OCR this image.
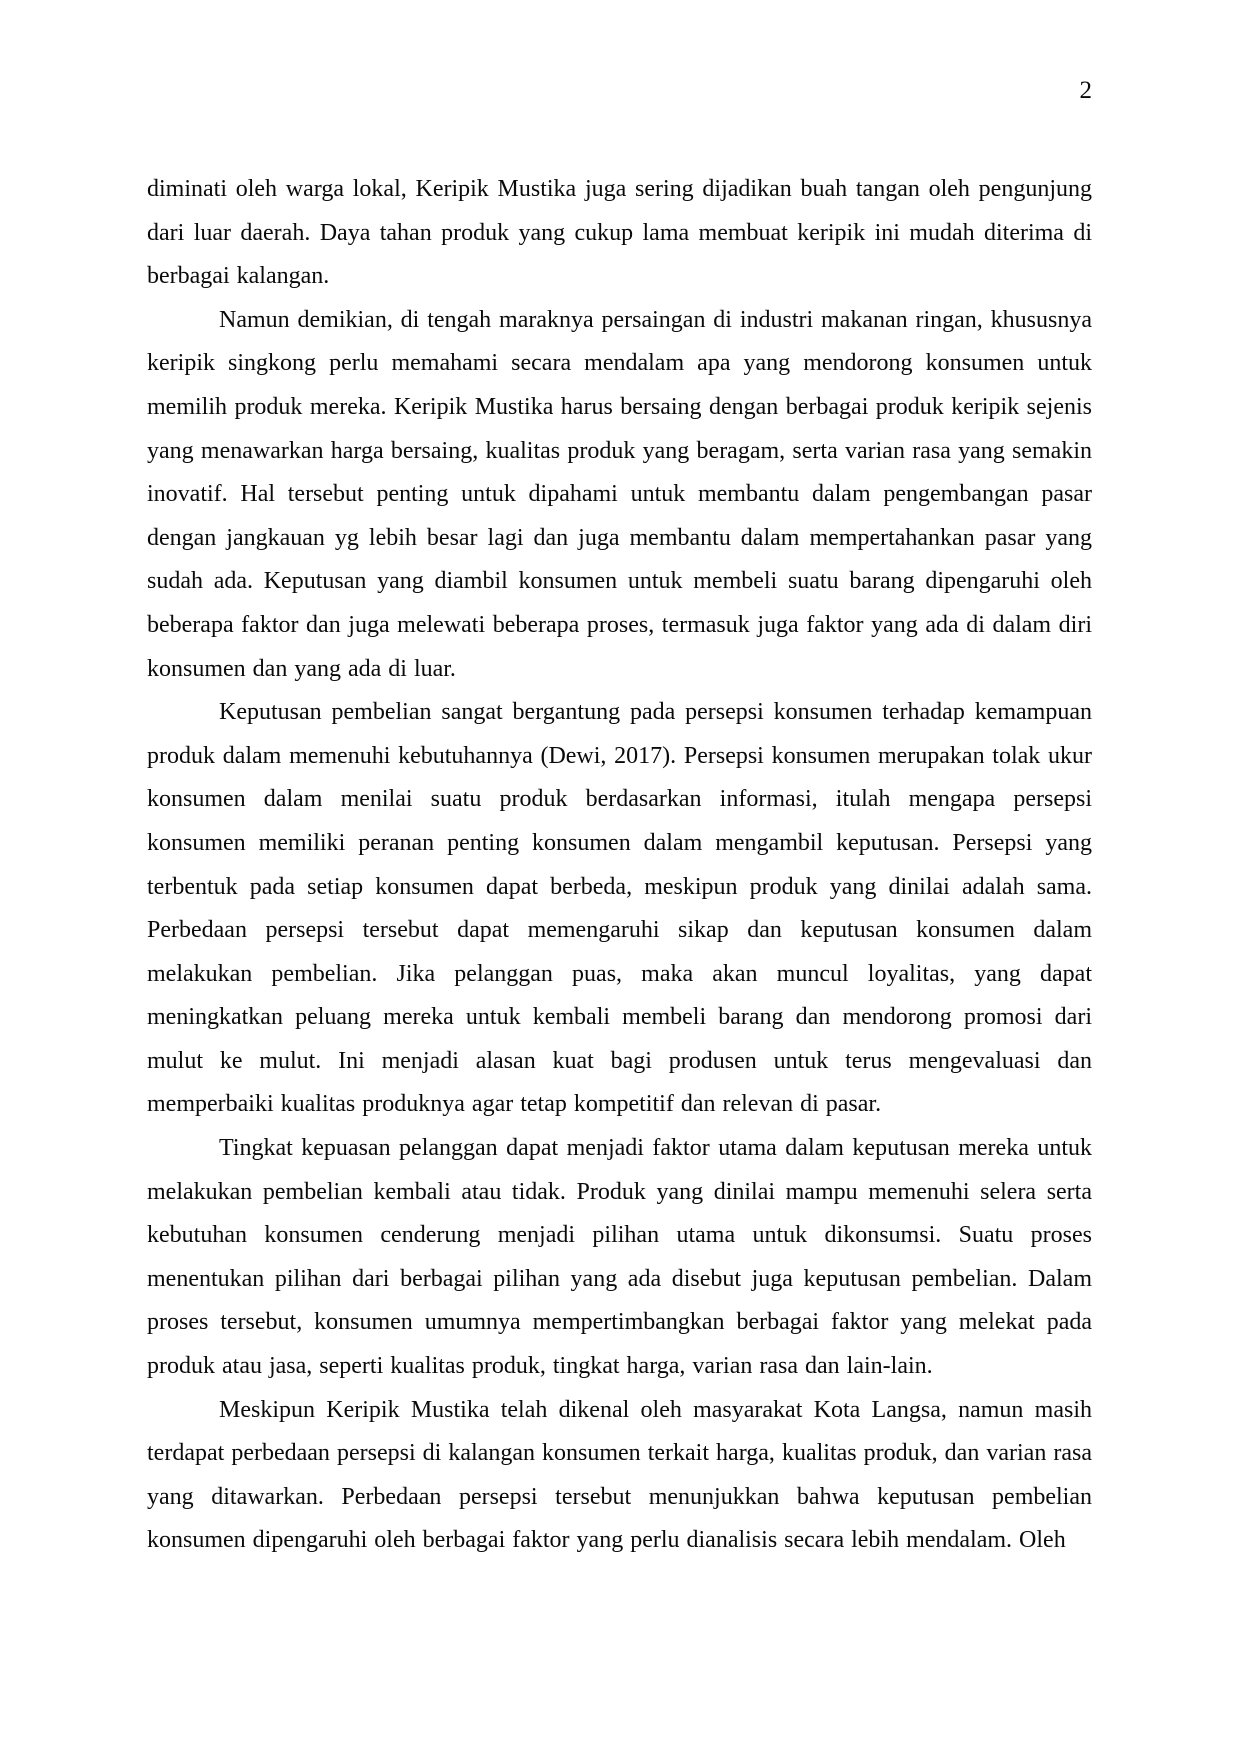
2

diminati oleh warga lokal, Keripik Mustika juga sering dijadikan buah tangan oleh pengunjung dari luar daerah. Daya tahan produk yang cukup lama membuat keripik ini mudah diterima di berbagai kalangan.

Namun demikian, di tengah maraknya persaingan di industri makanan ringan, khususnya keripik singkong perlu memahami secara mendalam apa yang mendorong konsumen untuk memilih produk mereka. Keripik Mustika harus bersaing dengan berbagai produk keripik sejenis yang menawarkan harga bersaing, kualitas produk yang beragam, serta varian rasa yang semakin inovatif. Hal tersebut penting untuk dipahami untuk membantu dalam pengembangan pasar dengan jangkauan yg lebih besar lagi dan juga membantu dalam mempertahankan pasar yang sudah ada. Keputusan yang diambil konsumen untuk membeli suatu barang dipengaruhi oleh beberapa faktor dan juga melewati beberapa proses, termasuk juga faktor yang ada di dalam diri konsumen dan yang ada di luar.

Keputusan pembelian sangat bergantung pada persepsi konsumen terhadap kemampuan produk dalam memenuhi kebutuhannya (Dewi, 2017). Persepsi konsumen merupakan tolak ukur konsumen dalam menilai suatu produk berdasarkan informasi, itulah mengapa persepsi konsumen memiliki peranan penting konsumen dalam mengambil keputusan. Persepsi yang terbentuk pada setiap konsumen dapat berbeda, meskipun produk yang dinilai adalah sama. Perbedaan persepsi tersebut dapat memengaruhi sikap dan keputusan konsumen dalam melakukan pembelian. Jika pelanggan puas, maka akan muncul loyalitas, yang dapat meningkatkan peluang mereka untuk kembali membeli barang dan mendorong promosi dari mulut ke mulut. Ini menjadi alasan kuat bagi produsen untuk terus mengevaluasi dan memperbaiki kualitas produknya agar tetap kompetitif dan relevan di pasar.

Tingkat kepuasan pelanggan dapat menjadi faktor utama dalam keputusan mereka untuk melakukan pembelian kembali atau tidak. Produk yang dinilai mampu memenuhi selera serta kebutuhan konsumen cenderung menjadi pilihan utama untuk dikonsumsi. Suatu proses menentukan pilihan dari berbagai pilihan yang ada disebut juga keputusan pembelian. Dalam proses tersebut, konsumen umumnya mempertimbangkan berbagai faktor yang melekat pada produk atau jasa, seperti kualitas produk, tingkat harga, varian rasa dan lain-lain.

Meskipun Keripik Mustika telah dikenal oleh masyarakat Kota Langsa, namun masih terdapat perbedaan persepsi di kalangan konsumen terkait harga, kualitas produk, dan varian rasa yang ditawarkan. Perbedaan persepsi tersebut menunjukkan bahwa keputusan pembelian konsumen dipengaruhi oleh berbagai faktor yang perlu dianalisis secara lebih mendalam. Oleh
